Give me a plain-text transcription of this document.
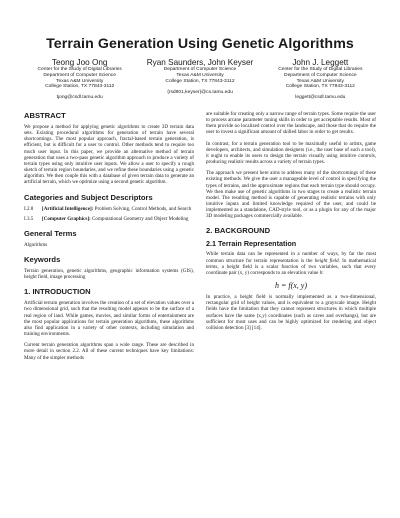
Terrain Generation Using Genetic Algorithms
Teong Joo Ong
Center for the Study of Digital Libraries
Department of Computer Science
Texas A&M University
College Station, TX 77843-3112

tjong@csdl.tamu.edu
Ryan Saunders, John Keyser
Department of Computer Science
Texas A&M University
College Station, TX 77843-3112

{rsd901,keyser}@cs.tamu.edu
John J. Leggett
Center for the Study of Digital Libraries
Department of Computer Science
Texas A&M University
College Station, TX 77843-3112

leggett@csdl.tamu.edu
ABSTRACT

We propose a method for applying genetic algorithms to create 3D terrain data sets. Existing procedural algorithms for generation of terrain have several shortcomings. The most popular approach, fractal-based terrain generation, is efficient, but is difficult for a user to control. Other methods tend to require too much user input. In this paper, we provide an alternative method of terrain generation that uses a two-pass genetic algorithm approach to produce a variety of terrain types using only intuitive user inputs. We allow a user to specify a rough sketch of terrain region boundaries, and we refine these boundaries using a genetic algorithm. We then couple this with a database of given terrain data to generate an artificial terrain, which we optimize using a second genetic algorithm.

Categories and Subject Descriptors
I.2.8	[Artificial Intelligence]: Problem Solving, Control Methods, and Search
I.3.5	[Computer Graphics]: Computational Geometry and Object Modeling
General Terms

Algorithms

Keywords

Terrain generation, genetic algorithms, geographic information systems (GIS), height field, image processing

1. INTRODUCTION

Artificial terrain generation involves the creation of a set of elevation values over a two dimensional grid, such that the resulting model appears to be the surface of a real region of land. While games, movies, and similar forms of entertainment are the most popular applications for terrain generation algorithms, these algorithms also find application in a variety of other contexts, including simulation and training environments.

Current terrain generation algorithms span a wide range. These are described in more detail in section 2.2. All of these current techniques have key limitations: Many of the simpler methods

are suitable for creating only a narrow range of terrain types. Some require the user to process arcane parameter tuning skills in order to get acceptable results. Most of them provide no localized control over the landscape, and those that do require the user to invest a significant amount of skilled labor in order to get results.

In contrast, for a terrain generation tool to be maximally useful to artists, game developers, architects, and simulation designers (i.e., the user base of such a tool), it ought to enable its users to design the terrain visually using intuitive controls, producing realistic results across a variety of terrain types.

The approach we present here aims to address many of the shortcomings of these existing methods. We give the user a manageable level of control in specifying the types of terrains, and the approximate regions that each terrain type should occupy. We then make use of genetic algorithms in two stages to create a realistic terrain model. The resulting method is capable of generating realistic terrains with only intuitive inputs and limited knowledge required of the user, and could be implemented as a standalone, CAD-style tool, or as a plugin for any of the major 3D modeling packages commercially available.

2. BACKGROUND
2.1 Terrain Representation

While terrain data can be represented in a number of ways, by far the most common structure for terrain representation is the height field. In mathematical terms, a height field is a scalar function of two variables, such that every coordinate pair (x, y) corresponds to an elevation value h:

h = f(x, y)

In practice, a height field is normally implemented as a two-dimensional, rectangular grid of height values, and is equivalent to a grayscale image. Height fields have the limitation that they cannot represent structures in which multiple surfaces have the same (x,y) coordinates (such as caves and overhangs), but are sufficient for most uses and can be highly optimized for rendering and object collision detection [3] [14].
